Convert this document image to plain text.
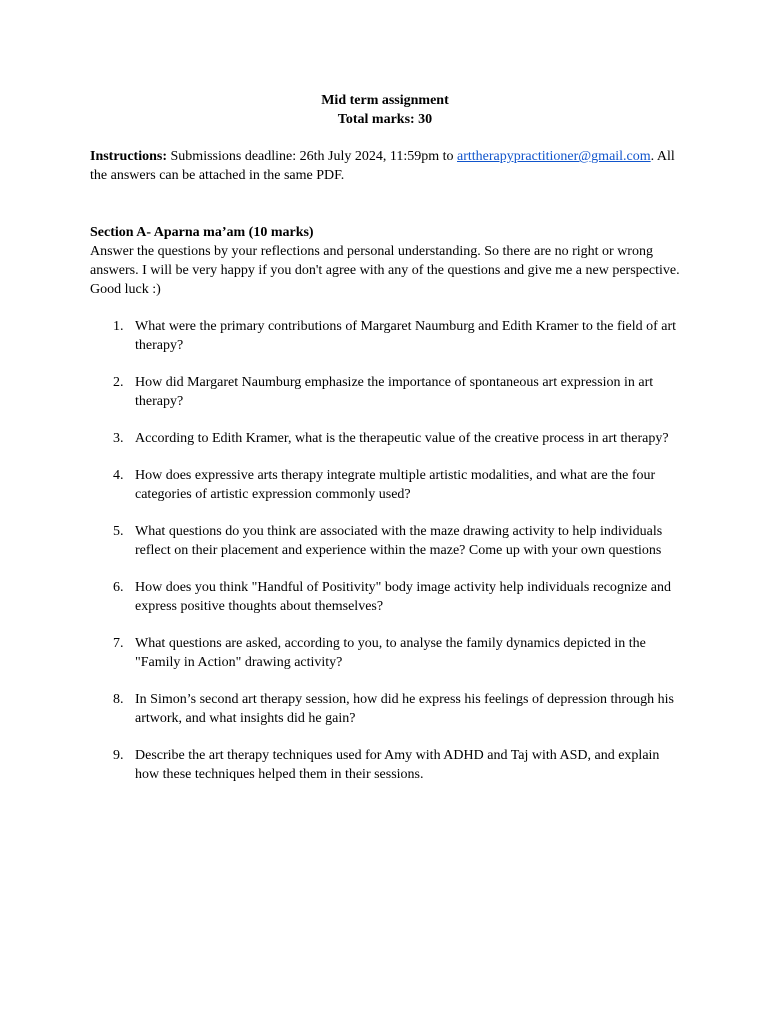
Mid term assignment

Total marks: 30

Instructions: Submissions deadline: 26th July 2024, 11:59pm to arttherapypractitioner@gmail.com. All the answers can be attached in the same PDF.
Section A- Aparna ma’am (10 marks)

Answer the questions by your reflections and personal understanding. So there are no right or wrong answers. I will be very happy if you don't agree with any of the questions and give me a new perspective. Good luck :)

1. What were the primary contributions of Margaret Naumburg and Edith Kramer to the field of art therapy?
2. How did Margaret Naumburg emphasize the importance of spontaneous art expression in art therapy?
3. According to Edith Kramer, what is the therapeutic value of the creative process in art therapy?
4. How does expressive arts therapy integrate multiple artistic modalities, and what are the four categories of artistic expression commonly used?
5. What questions do you think are associated with the maze drawing activity to help individuals reflect on their placement and experience within the maze? Come up with your own questions
6. How does you think "Handful of Positivity" body image activity help individuals recognize and express positive thoughts about themselves?
7. What questions are asked, according to you, to analyse the family dynamics depicted in the "Family in Action" drawing activity?
8. In Simon’s second art therapy session, how did he express his feelings of depression through his artwork, and what insights did he gain?
9. Describe the art therapy techniques used for Amy with ADHD and Taj with ASD, and explain how these techniques helped them in their sessions.
